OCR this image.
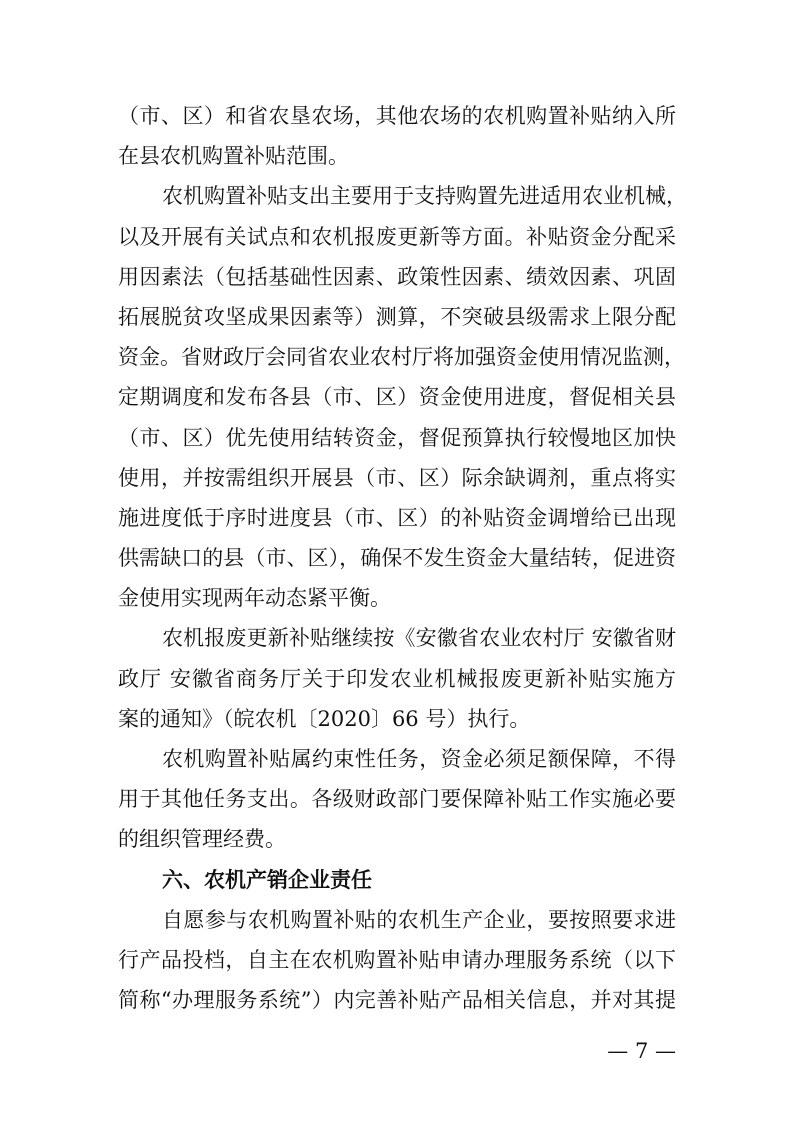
（市、区）和省农垦农场，其他农场的农机购置补贴纳入所
在县农机购置补贴范围。
农机购置补贴支出主要用于支持购置先进适用农业机械，
以及开展有关试点和农机报废更新等方面。补贴资金分配采
用因素法（包括基础性因素、政策性因素、绩效因素、巩固
拓展脱贫攻坚成果因素等）测算，不突破县级需求上限分配
资金。省财政厅会同省农业农村厅将加强资金使用情况监测，
定期调度和发布各县（市、区）资金使用进度，督促相关县
（市、区）优先使用结转资金，督促预算执行较慢地区加快
使用，并按需组织开展县（市、区）际余缺调剂，重点将实
施进度低于序时进度县（市、区）的补贴资金调增给已出现
供需缺口的县（市、区），确保不发生资金大量结转，促进资
金使用实现两年动态紧平衡。
农机报废更新补贴继续按《安徽省农业农村厅 安徽省财
政厅 安徽省商务厅关于印发农业机械报废更新补贴实施方
案的通知》（皖农机〔2020〕66 号）执行。
农机购置补贴属约束性任务，资金必须足额保障，不得
用于其他任务支出。各级财政部门要保障补贴工作实施必要
的组织管理经费。
六、农机产销企业责任
自愿参与农机购置补贴的农机生产企业，要按照要求进
行产品投档，自主在农机购置补贴申请办理服务系统（以下
简称“办理服务系统”）内完善补贴产品相关信息，并对其提
— 7 —
